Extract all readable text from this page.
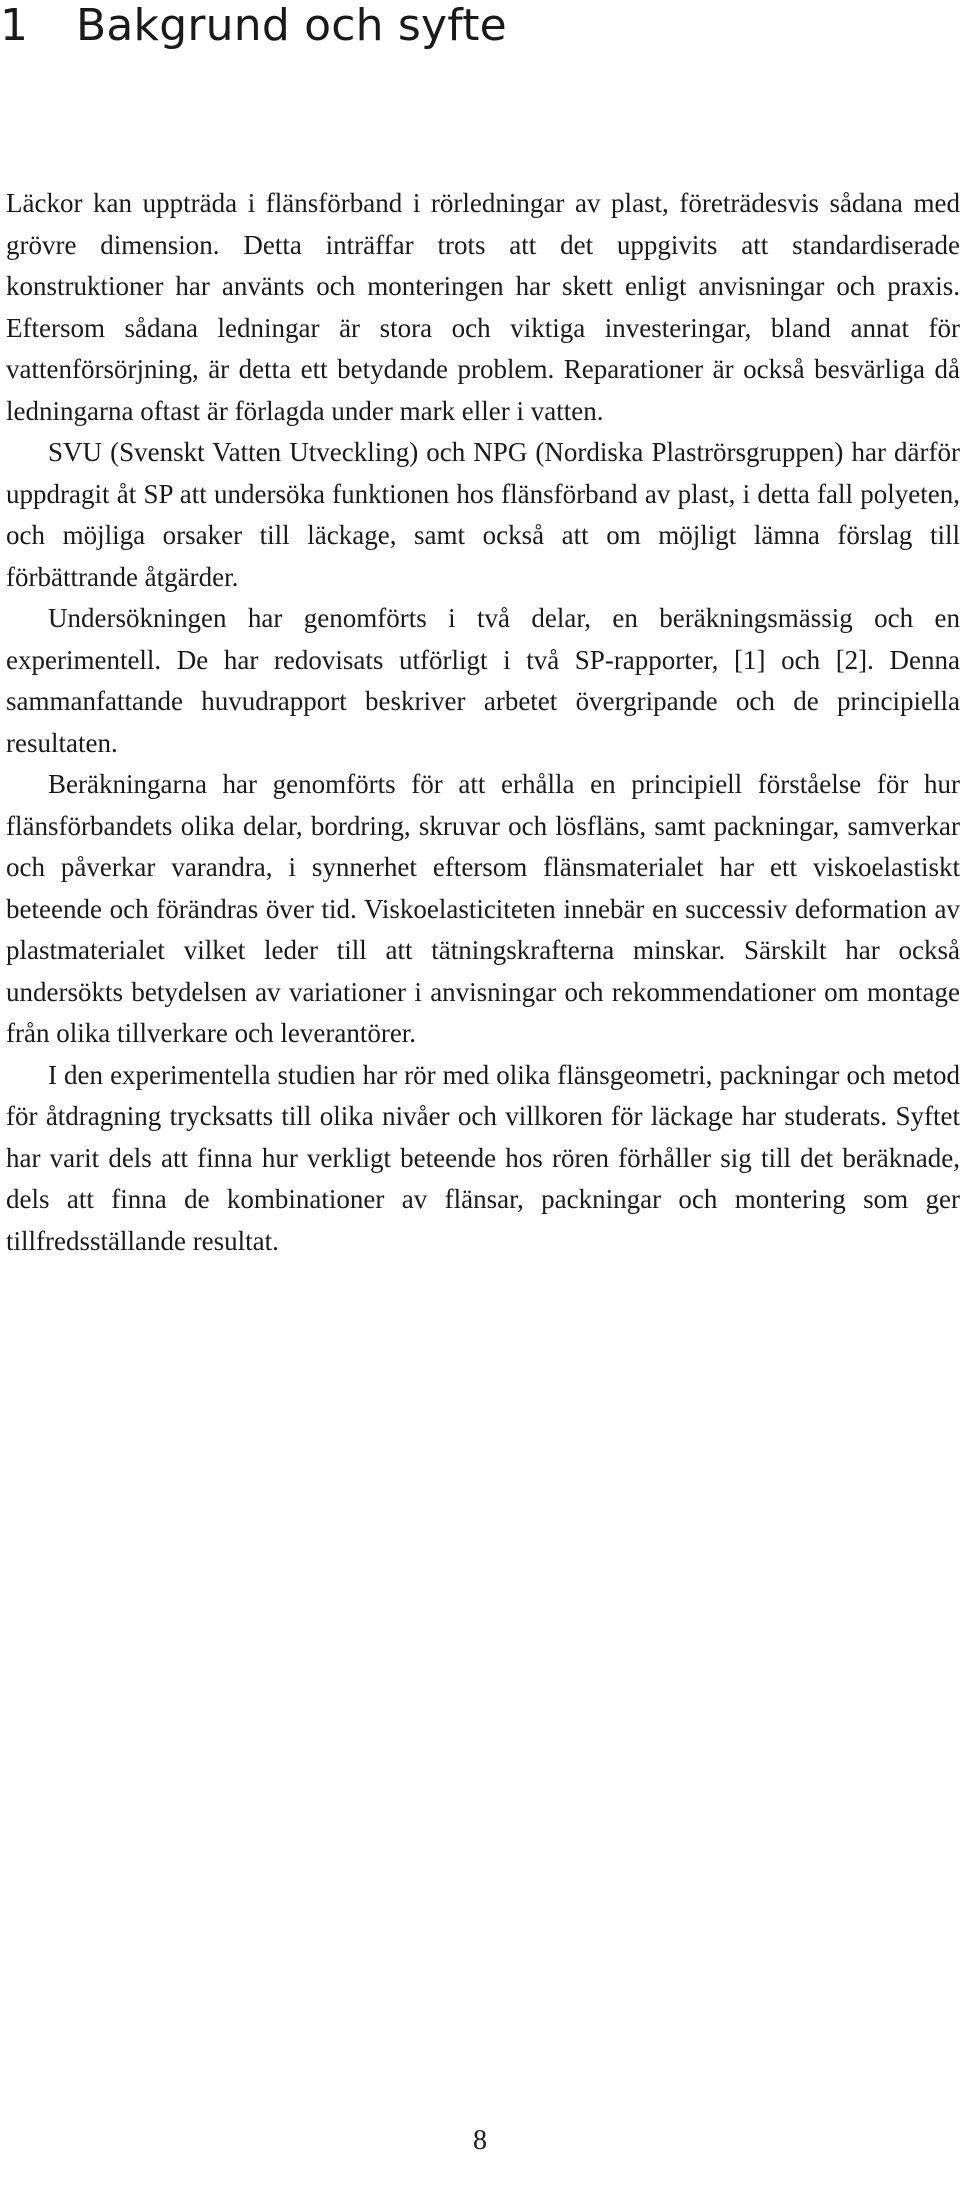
1 Bakgrund och syfte

Läckor kan uppträda i flänsförband i rörledningar av plast, företrädesvis sådana med grövre dimension. Detta inträffar trots att det uppgivits att standardiserade konstruktioner har använts och monteringen har skett enligt anvisningar och praxis. Eftersom sådana ledningar är stora och viktiga investeringar, bland annat för vattenförsörjning, är detta ett betydande problem. Reparationer är också besvärliga då ledningarna oftast är förlagda under mark eller i vatten.

SVU (Svenskt Vatten Utveckling) och NPG (Nordiska Plaströrsgruppen) har därför uppdragit åt SP att undersöka funktionen hos flänsförband av plast, i detta fall polyeten, och möjliga orsaker till läckage, samt också att om möjligt lämna förslag till förbättrande åtgärder.

Undersökningen har genomförts i två delar, en beräkningsmässig och en experimentell. De har redovisats utförligt i två SP-rapporter, [1] och [2]. Denna sammanfattande huvudrapport beskriver arbetet övergripande och de principiella resultaten.

Beräkningarna har genomförts för att erhålla en principiell förståelse för hur flänsförbandets olika delar, bordring, skruvar och lösfläns, samt packningar, samverkar och påverkar varandra, i synnerhet eftersom flänsmaterialet har ett viskoelastiskt beteende och förändras över tid. Viskoelasticiteten innebär en successiv deformation av plastmaterialet vilket leder till att tätningskrafterna minskar. Särskilt har också undersökts betydelsen av variationer i anvisningar och rekommendationer om montage från olika tillverkare och leverantörer.

I den experimentella studien har rör med olika flänsgeometri, packningar och metod för åtdragning trycksatts till olika nivåer och villkoren för läckage har studerats. Syftet har varit dels att finna hur verkligt beteende hos rören förhåller sig till det beräknade, dels att finna de kombinationer av flänsar, packningar och montering som ger tillfredsställande resultat.

8
